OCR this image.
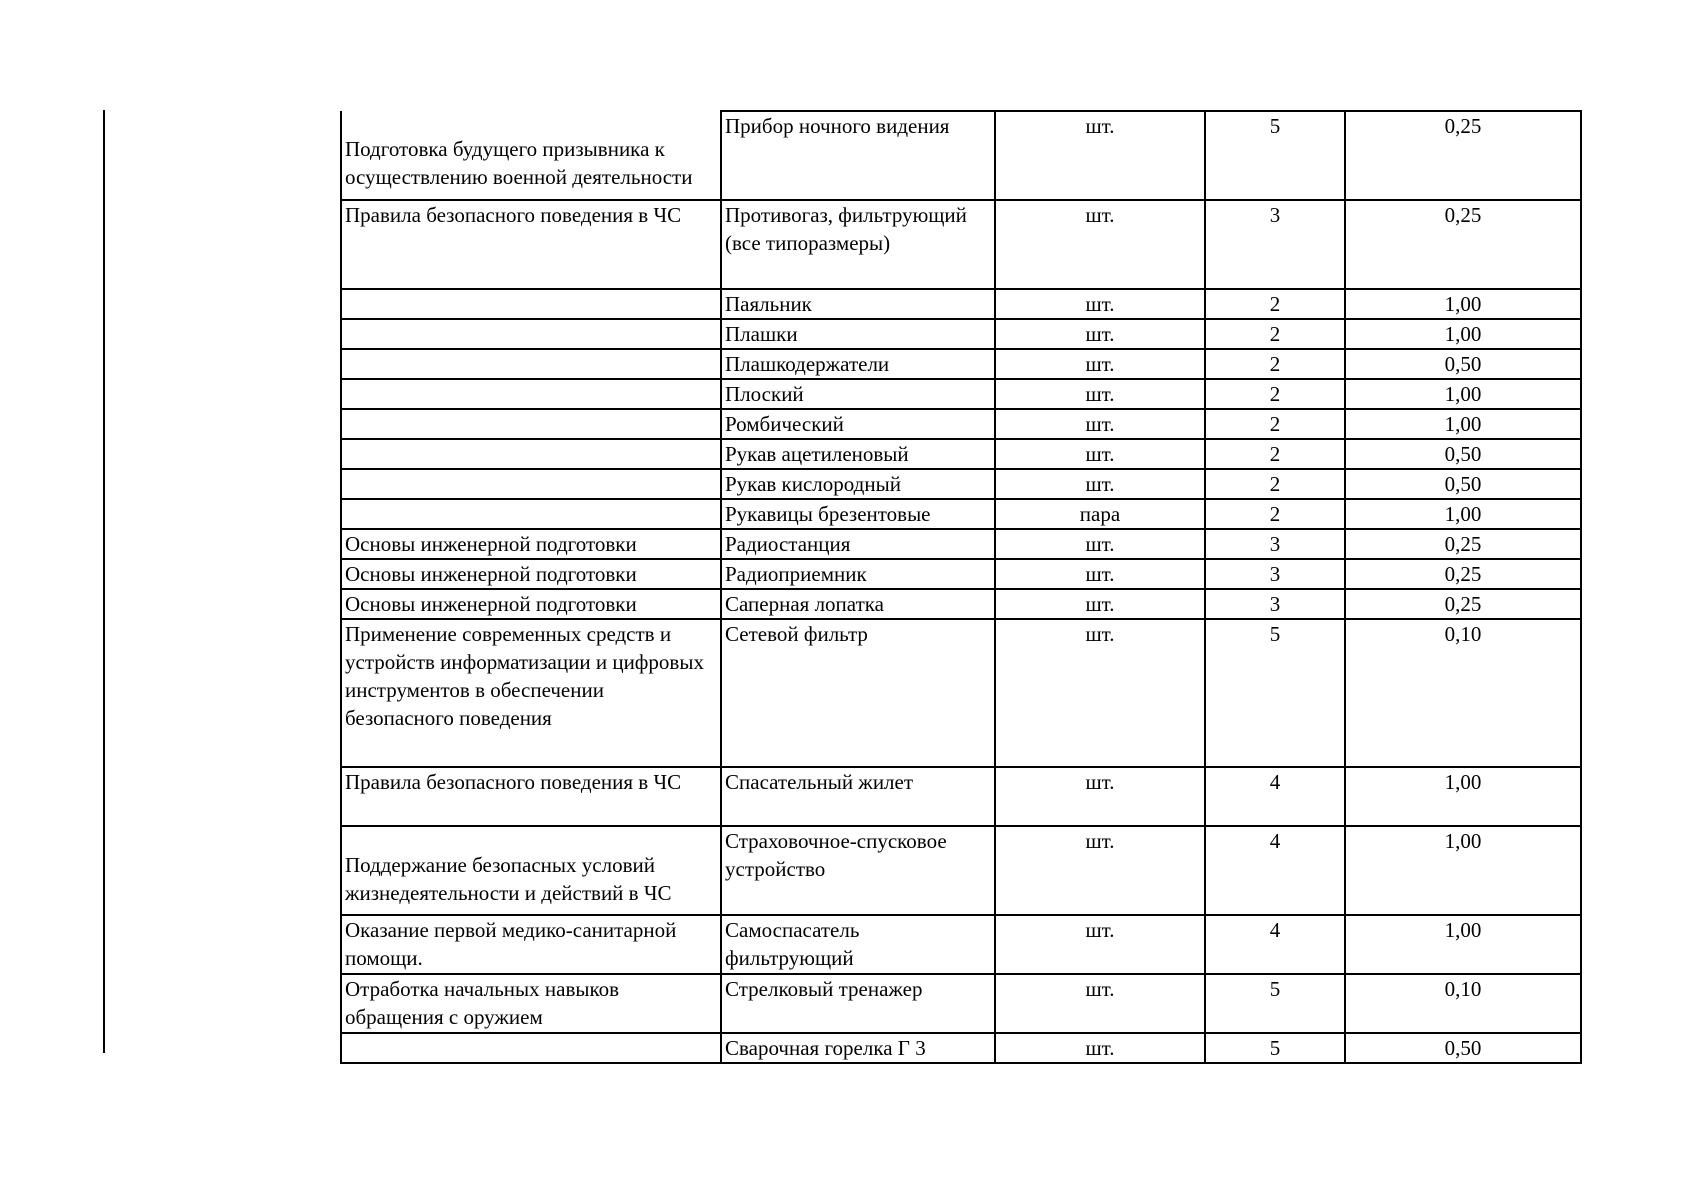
Подготовка будущего призывника к осуществлению военной деятельности	Прибор ночного видения	шт.	5	0,25
Правила безопасного поведения в ЧС	Противогаз, фильтрующий (все типоразмеры)	шт.	3	0,25
	Паяльник	шт.	2	1,00
	Плашки	шт.	2	1,00
	Плашкодержатели	шт.	2	0,50
	Плоский	шт.	2	1,00
	Ромбический	шт.	2	1,00
	Рукав ацетиленовый	шт.	2	0,50
	Рукав кислородный	шт.	2	0,50
	Рукавицы брезентовые	пара	2	1,00
Основы инженерной подготовки	Радиостанция	шт.	3	0,25
Основы инженерной подготовки	Радиоприемник	шт.	3	0,25
Основы инженерной подготовки	Саперная лопатка	шт.	3	0,25
Применение современных средств и устройств информатизации и цифровых инструментов в обеспечении безопасного поведения	Сетевой фильтр	шт.	5	0,10
Правила безопасного поведения в ЧС	Спасательный жилет	шт.	4	1,00

Поддержание безопасных условий жизнедеятельности и действий в ЧС	Страховочное-спусковое устройство	шт.	4	1,00
Оказание первой медико-санитарной помощи.	Самоспасатель фильтрующий	шт.	4	1,00
Отработка начальных навыков обращения с оружием	Стрелковый тренажер	шт.	5	0,10
	Сварочная горелка Г 3	шт.	5	0,50
